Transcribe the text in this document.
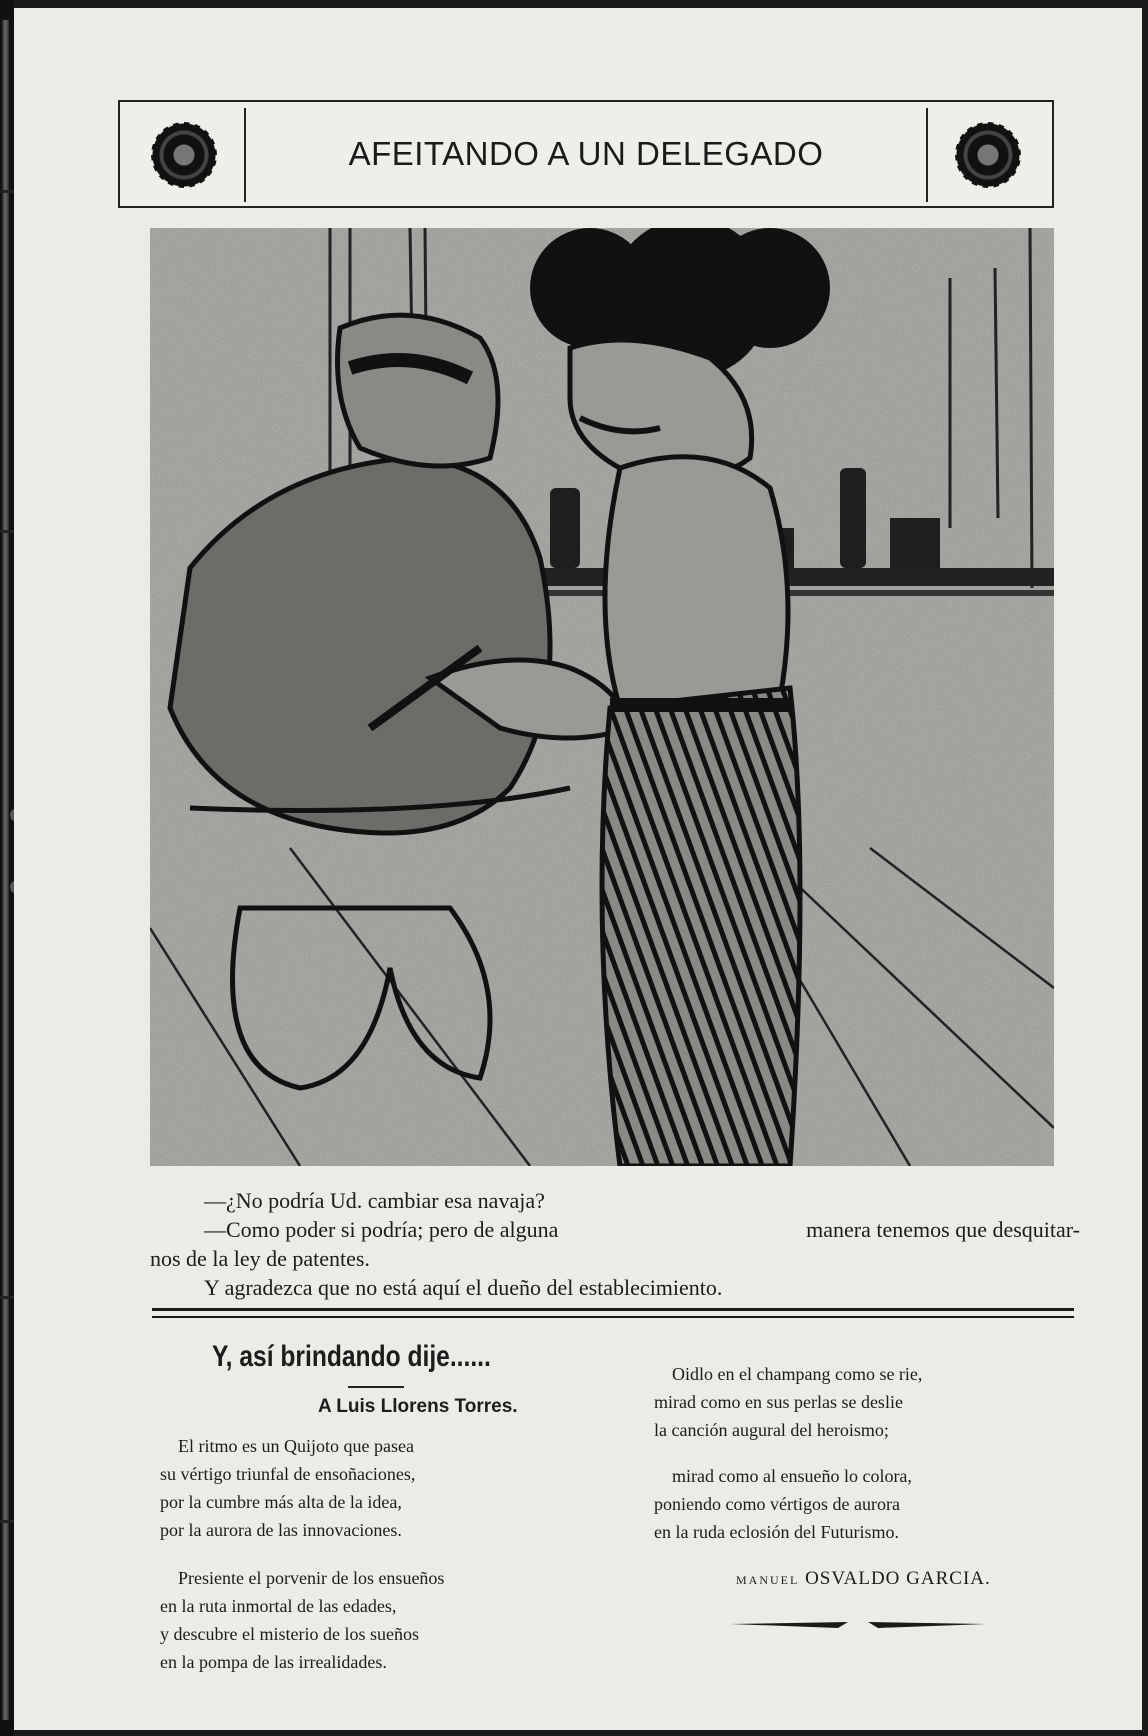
AFEITANDO A UN DELEGADO

—¿No podría Ud. cambiar esa navaja?

—Como poder si podría; pero de alguna	manera tenemos que desquitar-

nos de la ley de patentes.

Y agradezca que no está aquí el dueño del establecimiento.

Y, así brindando dije......
A Luis Llorens Torres.

El ritmo es un Quijoto que pasea

su vértigo triunfal de ensoñaciones,

por la cumbre más alta de la idea,

por la aurora de las innovaciones.

Presiente el porvenir de los ensueños

en la ruta inmortal de las edades,

y descubre el misterio de los sueños

en la pompa de las irrealidades.

Oidlo en el champang como se rie,

mirad como en sus perlas se deslie

la canción augural del heroismo;

mirad como al ensueño lo colora,

poniendo como vértigos de aurora

en la ruda eclosión del Futurismo.

MANUEL OSVALDO GARCIA.
